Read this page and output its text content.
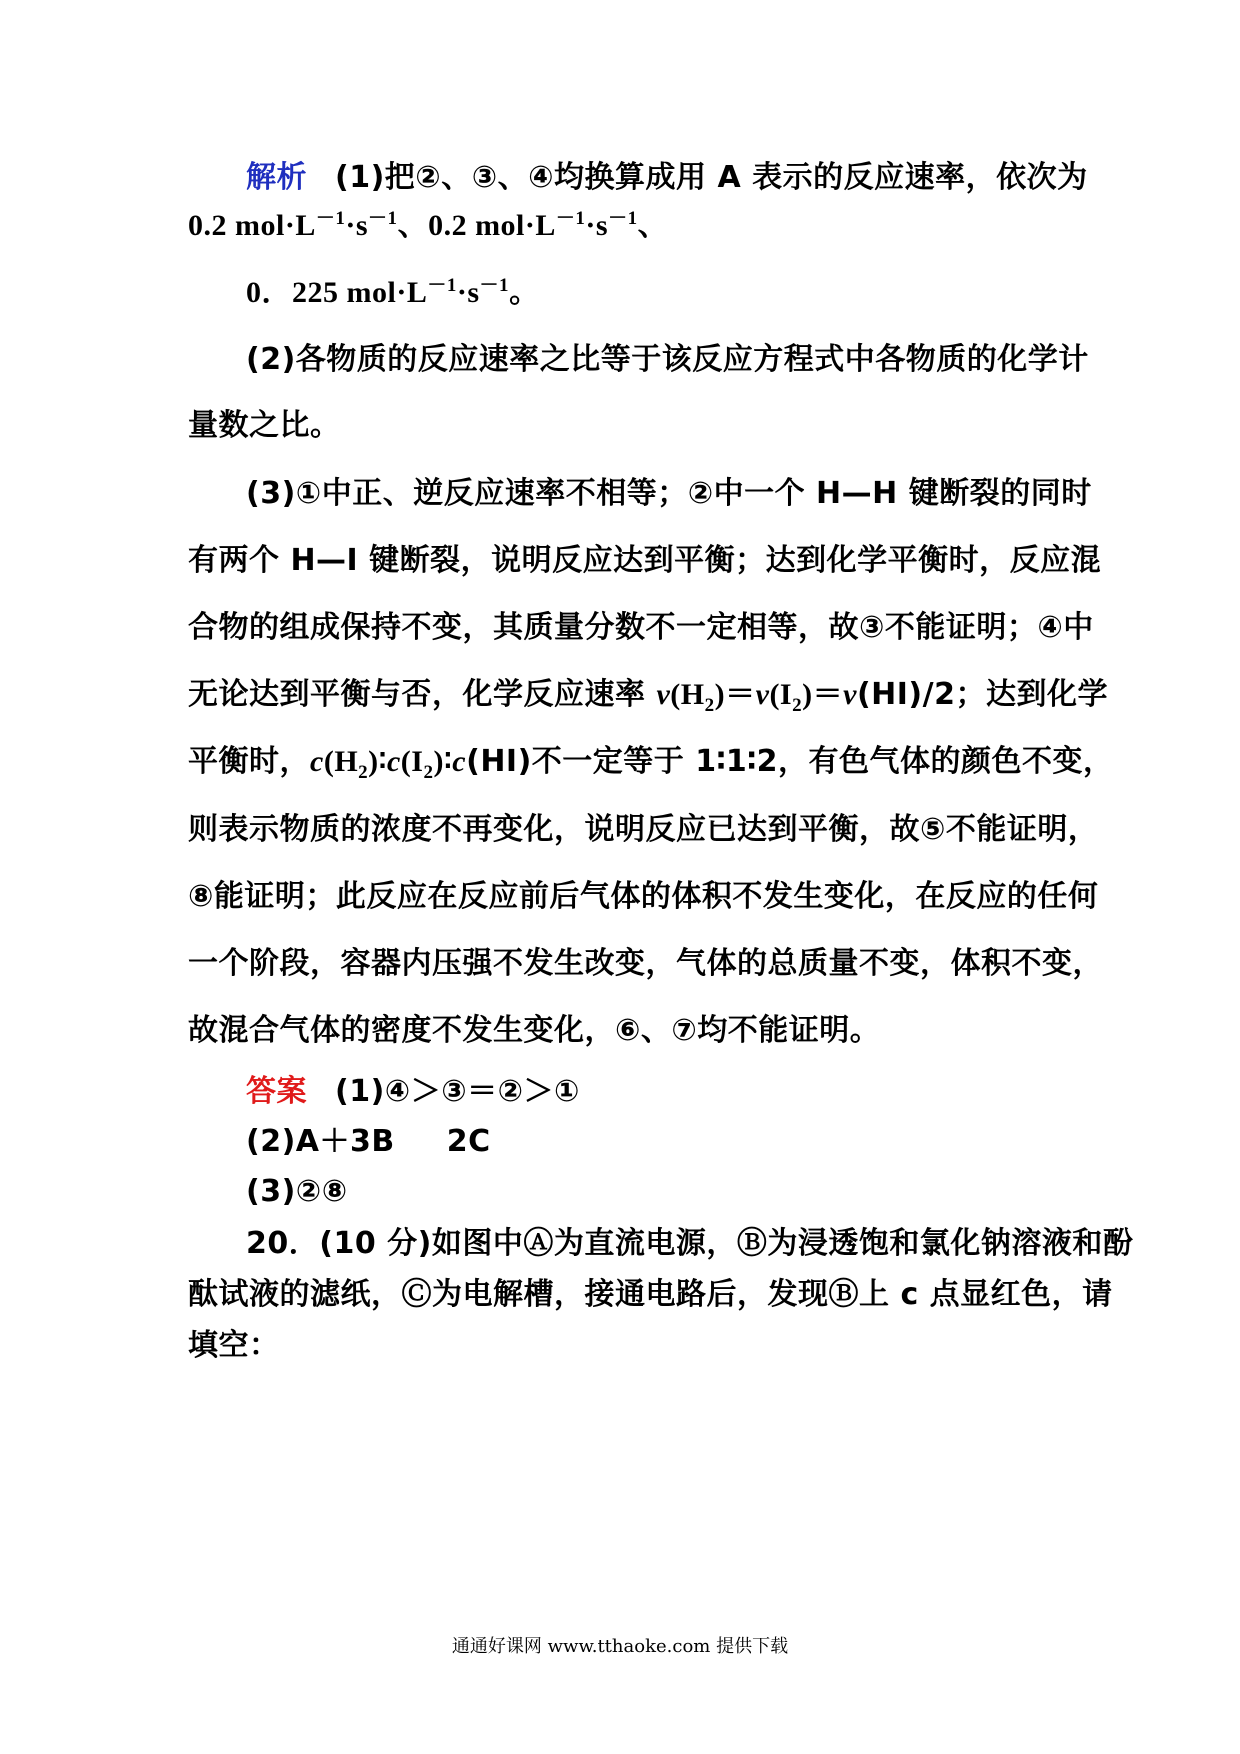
解析 (1)把②、③、④均换算成用 A 表示的反应速率，依次为
0.2 $mol\cdot L^{-1}\cdot s^{-1}$、0.2 $mol\cdot L^{-1}\cdot s^{-1}$、
0．225 $mol\cdot L^{-1}\cdot s^{-1}$。
(2)各物质的反应速率之比等于该反应方程式中各物质的化学计
量数之比。
(3)①中正、逆反应速率不相等；②中一个 H—H 键断裂的同时
有两个 H—I 键断裂，说明反应达到平衡；达到化学平衡时，反应混
合物的组成保持不变，其质量分数不一定相等，故③不能证明；④中
无论达到平衡与否，化学反应速率 $v(H_2)=v(I_2)=v(HI)/2$；达到化学
平衡时，$c(H_2)∶c(I_2)∶c(HI)$不一定等于 1∶1∶2，有色气体的颜色不变，
则表示物质的浓度不再变化，说明反应已达到平衡，故⑤不能证明，
⑧能证明；此反应在反应前后气体的体积不发生变化，在反应的任何
一个阶段，容器内压强不发生改变，气体的总质量不变，体积不变，
故混合气体的密度不发生变化，⑥、⑦均不能证明。
答案 (1)④＞③＝②＞①
(2)A＋3B 2C
(3)②⑧
20．(10 分)如图中Ⓐ为直流电源，Ⓑ为浸透饱和氯化钠溶液和酚
酞试液的滤纸，Ⓒ为电解槽，接通电路后，发现Ⓑ上 c 点显红色，请
填空：
通通好课网 www.tthaoke.com 提供下载
